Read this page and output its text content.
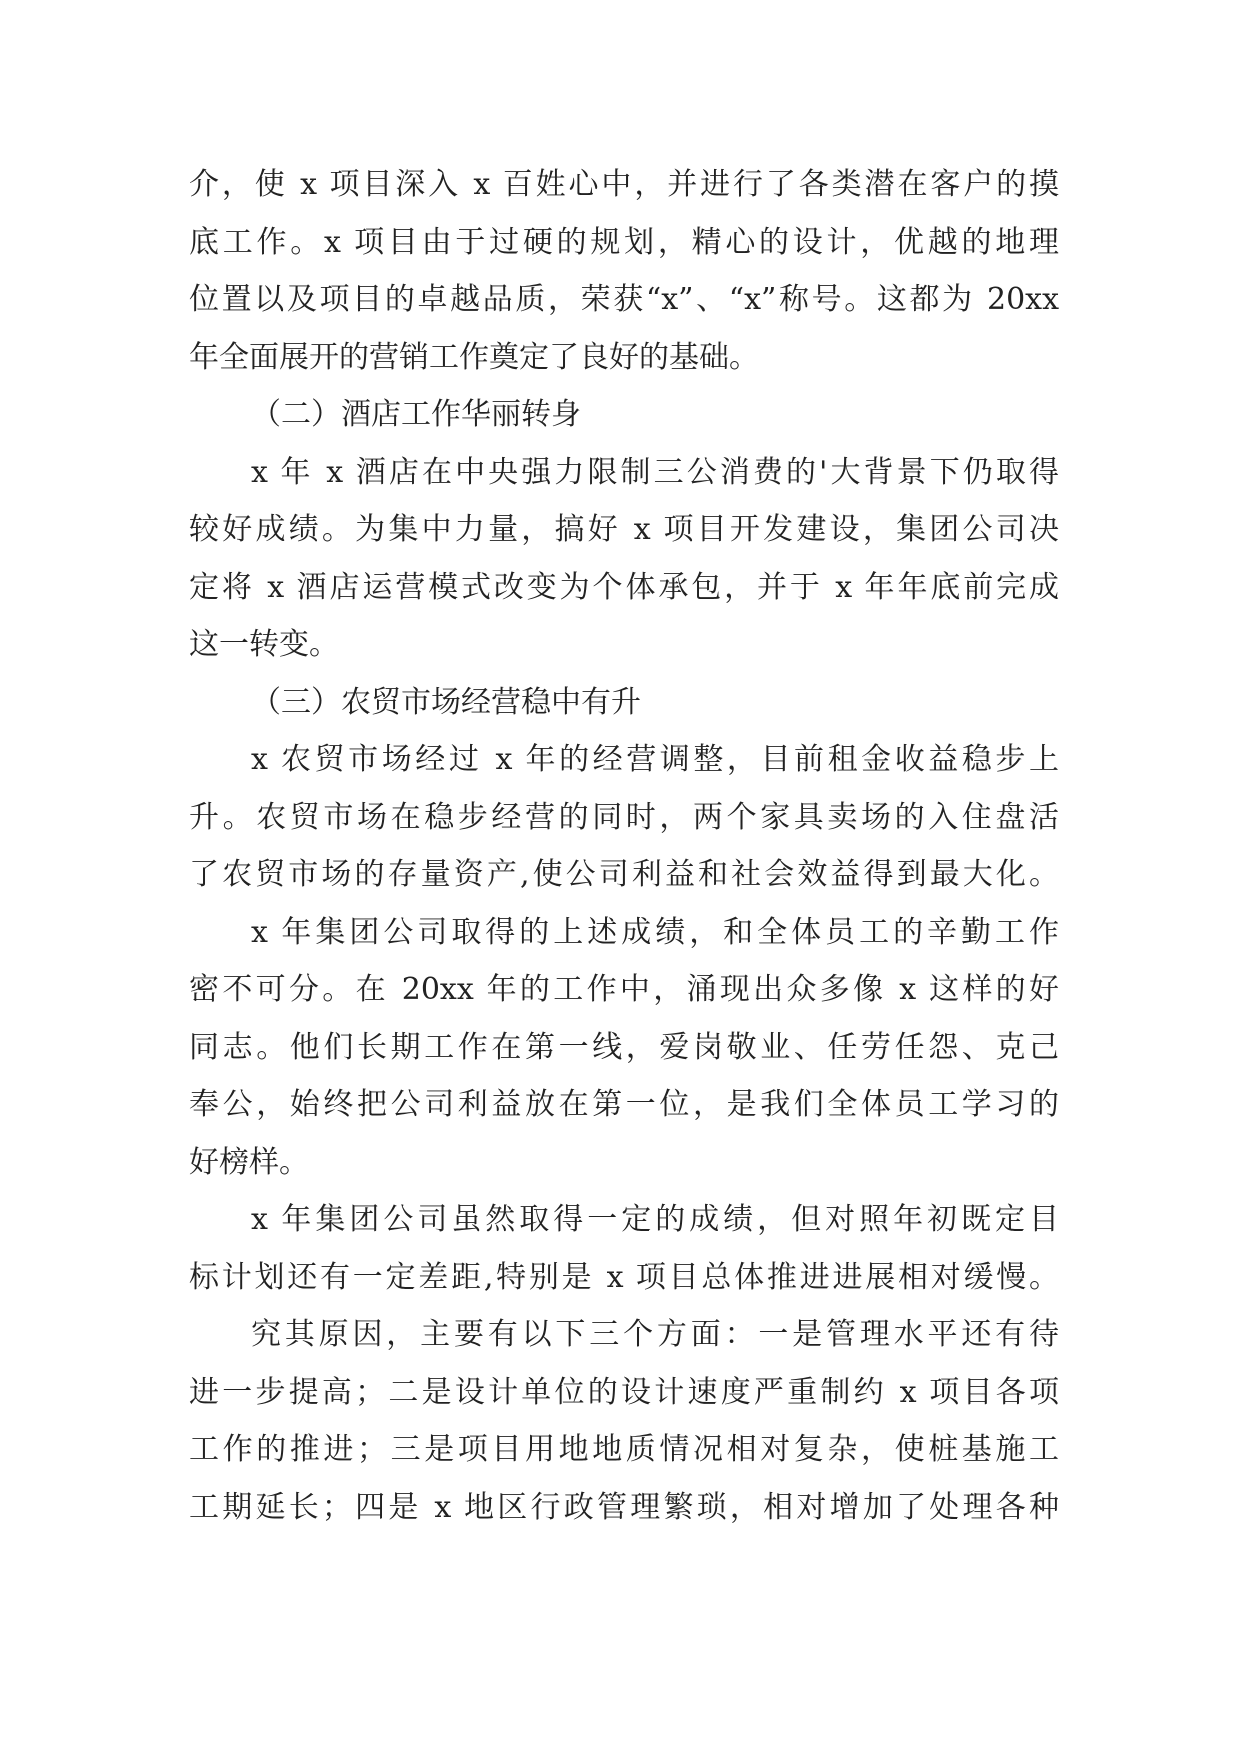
介，使 x 项目深入 x 百姓心中，并进行了各类潜在客户的摸
底工作。x 项目由于过硬的规划，精心的设计，优越的地理
位置以及项目的卓越品质，荣获“x”、“x”称号。这都为 20xx
年全面展开的营销工作奠定了良好的基础。
（二）酒店工作华丽转身
x 年 x 酒店在中央强力限制三公消费的'大背景下仍取得
较好成绩。为集中力量，搞好 x 项目开发建设，集团公司决
定将 x 酒店运营模式改变为个体承包，并于 x 年年底前完成
这一转变。
（三）农贸市场经营稳中有升
x 农贸市场经过 x 年的经营调整，目前租金收益稳步上
升。农贸市场在稳步经营的同时，两个家具卖场的入住盘活
了农贸市场的存量资产,使公司利益和社会效益得到最大化。
x 年集团公司取得的上述成绩，和全体员工的辛勤工作
密不可分。在 20xx 年的工作中，涌现出众多像 x 这样的好
同志。他们长期工作在第一线，爱岗敬业、任劳任怨、克己
奉公，始终把公司利益放在第一位，是我们全体员工学习的
好榜样。
x 年集团公司虽然取得一定的成绩，但对照年初既定目
标计划还有一定差距,特别是 x 项目总体推进进展相对缓慢。
究其原因，主要有以下三个方面：一是管理水平还有待
进一步提高；二是设计单位的设计速度严重制约 x 项目各项
工作的推进；三是项目用地地质情况相对复杂，使桩基施工
工期延长；四是 x 地区行政管理繁琐，相对增加了处理各种
